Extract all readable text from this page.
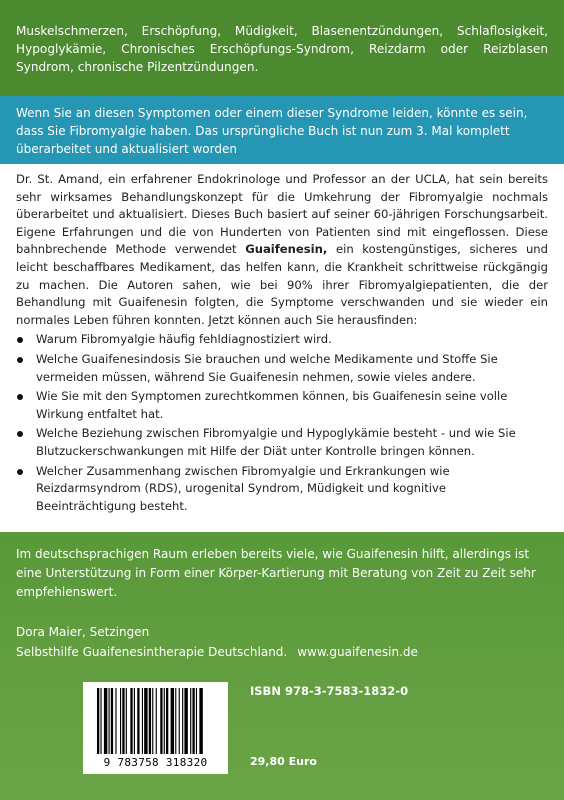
Muskelschmerzen, Erschöpfung, Müdigkeit, Blasenentzündungen, Schlaflosigkeit, Hypoglykämie, Chronisches Erschöpfungs-Syndrom, Reizdarm oder Reizblasen Syndrom, chronische Pilzentzündungen.

Wenn Sie an diesen Symptomen oder einem dieser Syndrome leiden, könnte es sein, dass Sie Fibromyalgie haben. Das ursprüngliche Buch ist nun zum 3. Mal komplett überarbeitet und aktualisiert worden

Dr. St. Amand, ein erfahrener Endokrinologe und Professor an der UCLA, hat sein bereits sehr wirksames Behandlungskonzept für die Umkehrung der Fibromyalgie nochmals überarbeitet und aktualisiert. Dieses Buch basiert auf seiner 60-jährigen Forschungsarbeit. Eigene Erfahrungen und die von Hunderten von Patienten sind mit eingeflossen. Diese bahnbrechende Methode verwendet Guaifenesin, ein kostengünstiges, sicheres und leicht beschaffbares Medikament, das helfen kann, die Krankheit schrittweise rückgängig zu machen. Die Autoren sahen, wie bei 90% ihrer Fibromyalgiepatienten, die der Behandlung mit Guaifenesin folgten, die Symptome verschwanden und sie wieder ein normales Leben führen konnten. Jetzt können auch Sie herausfinden:

Warum Fibromyalgie häufig fehldiagnostiziert wird.
Welche Guaifenesindosis Sie brauchen und welche Medikamente und Stoffe Sie vermeiden müssen, während Sie Guaifenesin nehmen, sowie vieles andere.
Wie Sie mit den Symptomen zurechtkommen können, bis Guaifenesin seine volle Wirkung entfaltet hat.
Welche Beziehung zwischen Fibromyalgie und Hypoglykämie besteht - und wie Sie Blutzuckerschwankungen mit Hilfe der Diät unter Kontrolle bringen können.
Welcher Zusammenhang zwischen Fibromyalgie und Erkrankungen wie Reizdarmsyndrom (RDS), urogenital Syndrom, Müdigkeit und kognitive Beeinträchtigung besteht.

Im deutschsprachigen Raum erleben bereits viele, wie Guaifenesin hilft, allerdings ist eine Unterstützung in Form einer Körper-Kartierung mit Beratung von Zeit zu Zeit sehr empfehlenswert.

Dora Maier, Setzingen
Selbsthilfe Guaifenesintherapie Deutschland. www.guaifenesin.de
9 783758 318320
ISBN 978-3-7583-1832-0
29,80 Euro
